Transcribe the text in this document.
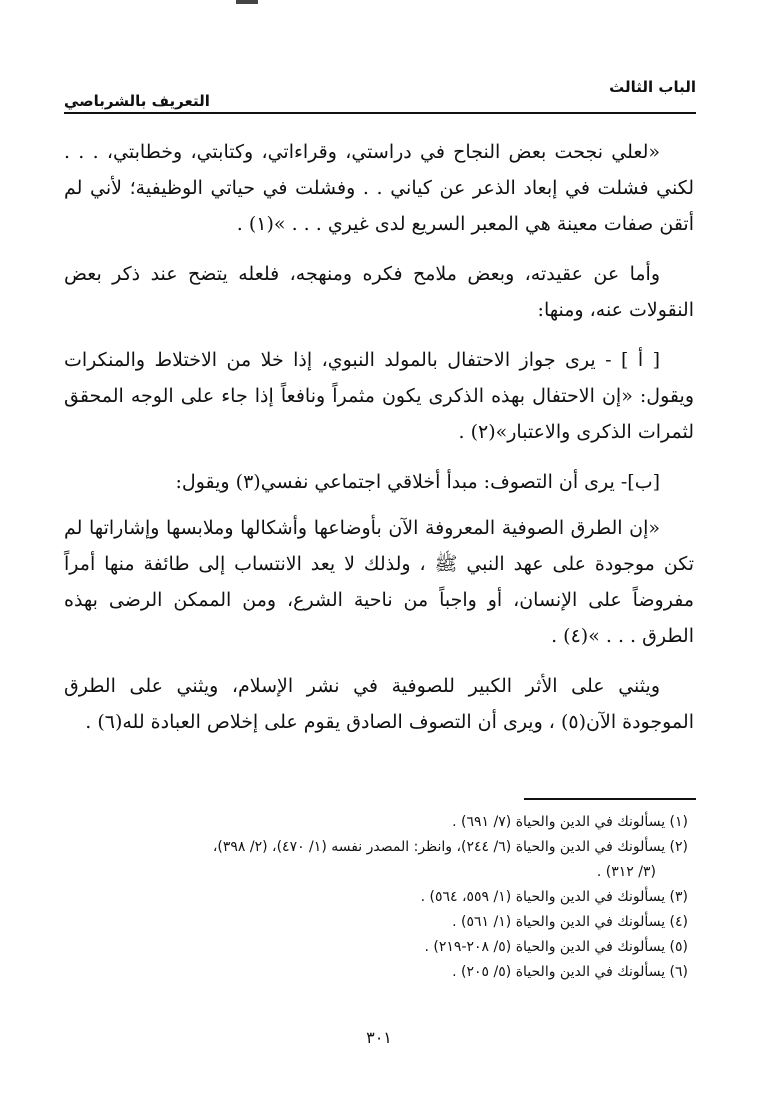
الباب الثالث
التعريف بالشرباصي

«لعلي نجحت بعض النجاح في دراستي، وقراءاتي، وكتابتي، وخطابتي، . . . لكني فشلت في إبعاد الذعر عن كياني . . وفشلت في حياتي الوظيفية؛ لأني لم أتقن صفات معينة هي المعبر السريع لدى غيري . . . »(١) .

وأما عن عقيدته، وبعض ملامح فكره ومنهجه، فلعله يتضح عند ذكر بعض النقولات عنه، ومنها:

[ أ ] - يرى جواز الاحتفال بالمولد النبوي، إذا خلا من الاختلاط والمنكرات ويقول: «إن الاحتفال بهذه الذكرى يكون مثمراً ونافعاً إذا جاء على الوجه المحقق لثمرات الذكرى والاعتبار»(٢) .

[ب]- يرى أن التصوف: مبدأ أخلاقي اجتماعي نفسي(٣) ويقول:

«إن الطرق الصوفية المعروفة الآن بأوضاعها وأشكالها وملابسها وإشاراتها لم تكن موجودة على عهد النبي ﷺ ، ولذلك لا يعد الانتساب إلى طائفة منها أمراً مفروضاً على الإنسان، أو واجباً من ناحية الشرع، ومن الممكن الرضى بهذه الطرق . . . »(٤) .

ويثني على الأثر الكبير للصوفية في نشر الإسلام، ويثني على الطرق الموجودة الآن(٥) ، ويرى أن التصوف الصادق يقوم على إخلاص العبادة لله(٦) .

(١) يسألونك في الدين والحياة (٧/ ٦٩١) .
(٢) يسألونك في الدين والحياة (٦/ ٢٤٤)، وانظر: المصدر نفسه (١/ ٤٧٠)، (٢/ ٣٩٨)،
(٣/ ٣١٢) .
(٣) يسألونك في الدين والحياة (١/ ٥٥٩، ٥٦٤) .
(٤) يسألونك في الدين والحياة (١/ ٥٦١) .
(٥) يسألونك في الدين والحياة (٥/ ٢٠٨-٢١٩) .
(٦) يسألونك في الدين والحياة (٥/ ٢٠٥) .
٣٠١
